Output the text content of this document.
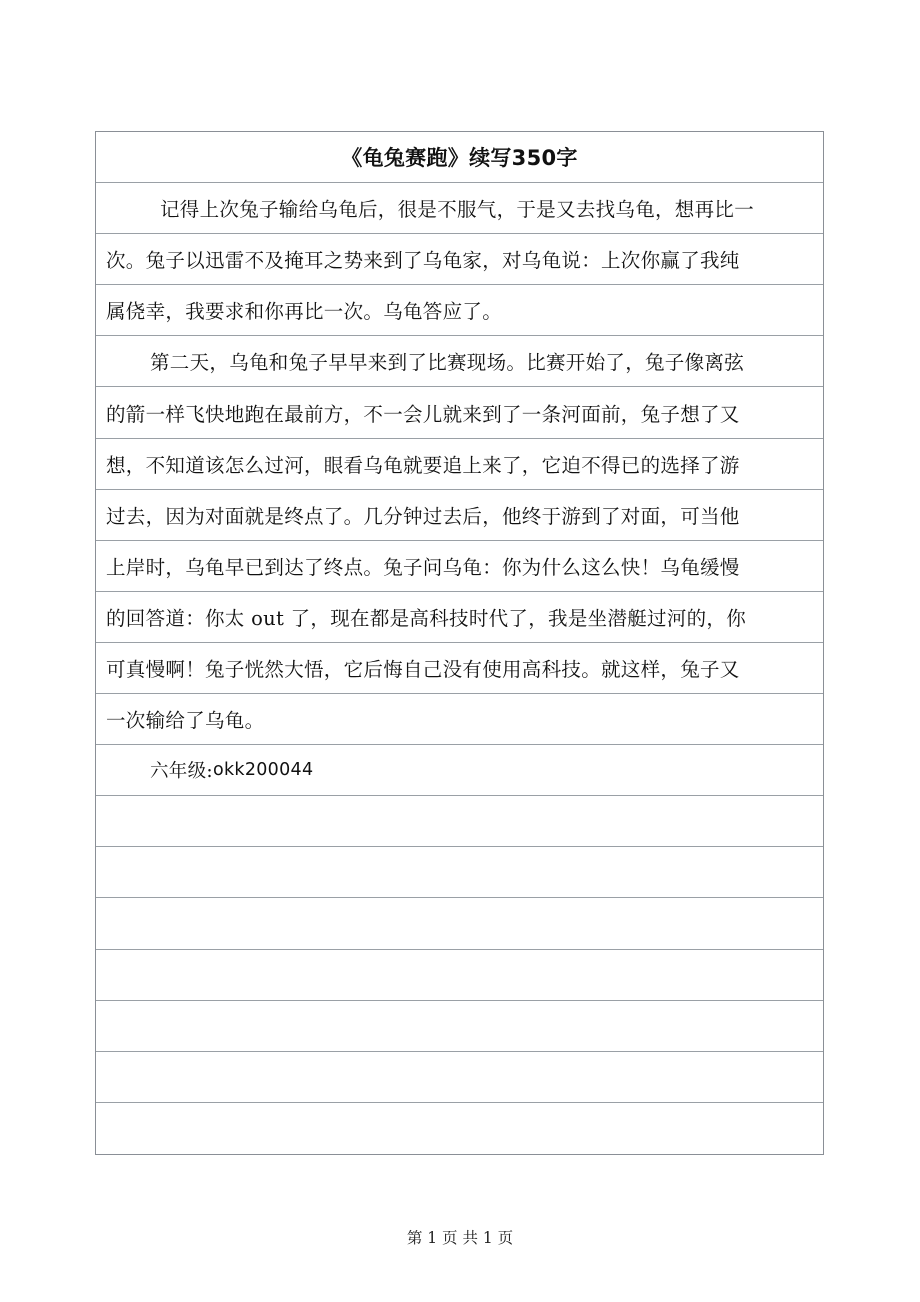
《龟兔赛跑》续写350字
记得上次兔子输给乌龟后，很是不服气，于是又去找乌龟，想再比一
次。兔子以迅雷不及掩耳之势来到了乌龟家，对乌龟说：上次你赢了我纯
属侥幸，我要求和你再比一次。乌龟答应了。
第二天，乌龟和兔子早早来到了比赛现场。比赛开始了，兔子像离弦
的箭一样飞快地跑在最前方，不一会儿就来到了一条河面前，兔子想了又
想，不知道该怎么过河，眼看乌龟就要追上来了，它迫不得已的选择了游
过去，因为对面就是终点了。几分钟过去后，他终于游到了对面，可当他
上岸时，乌龟早已到达了终点。兔子问乌龟：你为什么这么快！乌龟缓慢
的回答道：你太 out 了，现在都是高科技时代了，我是坐潜艇过河的，你
可真慢啊！兔子恍然大悟，它后悔自己没有使用高科技。就这样，兔子又
一次输给了乌龟。
六年级: okk200044
第 1 页 共 1 页
